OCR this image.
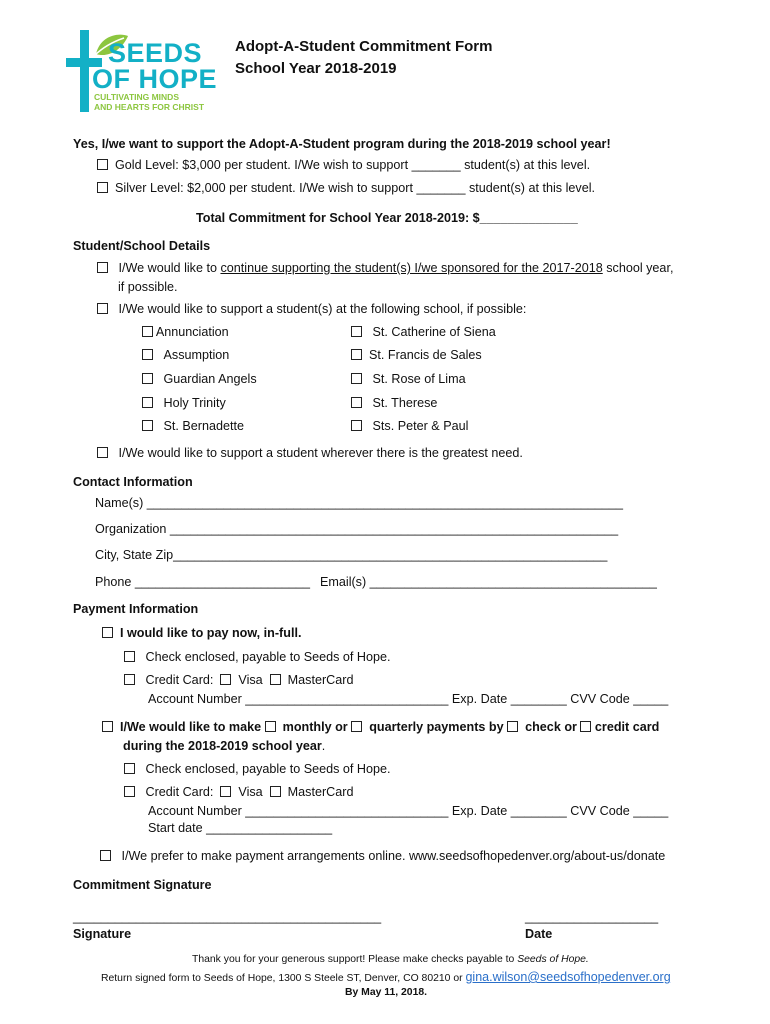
SEEDS
OF HOPE
CULTIVATING MINDS
AND HEARTS FOR CHRIST
Adopt-A-Student Commitment Form
School Year 2018-2019
Yes, I/we want to support the Adopt-A-Student program during the 2018-2019 school year!
Gold Level: $3,000 per student. I/We wish to support _______ student(s) at this level.
Silver Level: $2,000 per student. I/We wish to support _______ student(s) at this level.
Total Commitment for School Year 2018-2019: $______________
Student/School Details
I/We would like to continue supporting the student(s) I/we sponsored for the 2017-2018 school year,
if possible.
I/We would like to support a student(s) at the following school, if possible:
Annunciation
Assumption
Guardian Angels
Holy Trinity
St. Bernadette
St. Catherine of Siena
St. Francis de Sales
St. Rose of Lima
St. Therese
Sts. Peter & Paul
I/We would like to support a student wherever there is the greatest need.
Contact Information
Name(s) ____________________________________________________________________
Organization ________________________________________________________________
City, State Zip______________________________________________________________
Phone _________________________ Email(s) _________________________________________
Payment Information
I would like to pay now, in-full.
Check enclosed, payable to Seeds of Hope.
Credit Card: Visa MasterCard
Account Number _____________________________ Exp. Date ________ CVV Code _____
I/We would like to make monthly or quarterly payments by check or credit card
during the 2018-2019 school year.
Check enclosed, payable to Seeds of Hope.
Credit Card: Visa MasterCard
Account Number _____________________________ Exp. Date ________ CVV Code _____
Start date __________________
I/We prefer to make payment arrangements online. www.seedsofhopedenver.org/about-us/donate
Commitment Signature
____________________________________________	___________________
Signature	Date
Thank you for your generous support! Please make checks payable to Seeds of Hope.
Return signed form to Seeds of Hope, 1300 S Steele ST, Denver, CO 80210 or gina.wilson@seedsofhopedenver.org
By May 11, 2018.
